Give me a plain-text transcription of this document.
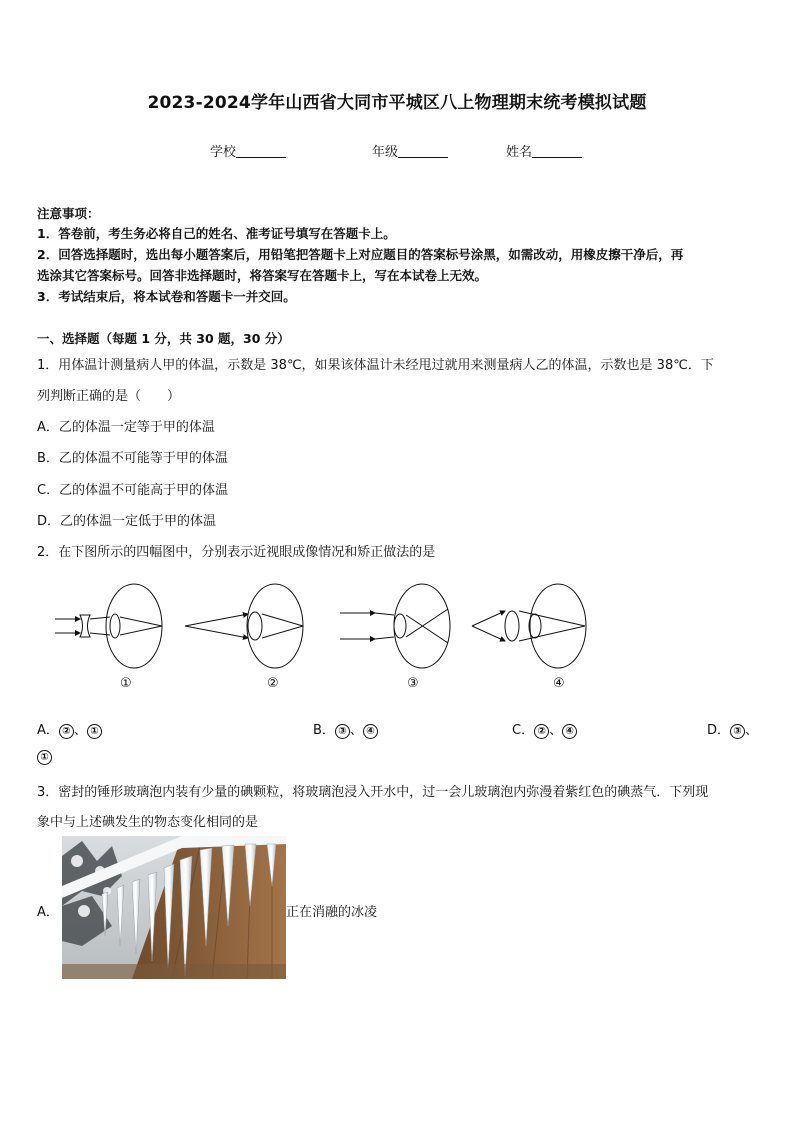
2023-2024学年山西省大同市平城区八上物理期末统考模拟试题
学校	年级	姓名
注意事项：
1．答卷前，考生务必将自己的姓名、准考证号填写在答题卡上。
2．回答选择题时，选出每小题答案后，用铅笔把答题卡上对应题目的答案标号涂黑，如需改动，用橡皮擦干净后，再
选涂其它答案标号。回答非选择题时，将答案写在答题卡上，写在本试卷上无效。
3．考试结束后，将本试卷和答题卡一并交回。
一、选择题（每题 1 分，共 30 题，30 分）
1．用体温计测量病人甲的体温，示数是 38℃，如果该体温计未经甩过就用来测量病人乙的体温，示数也是 38℃．下
列判断正确的是（　　）
A．乙的体温一定等于甲的体温
B．乙的体温不可能等于甲的体温
C．乙的体温不可能高于甲的体温
D．乙的体温一定低于甲的体温
2．在下图所示的四幅图中，分别表示近视眼成像情况和矫正做法的是
①	②	③	④
A． ② 、 ①	B． ③ 、 ④	C． ② 、 ④	D． ③ 、
①
3．密封的锤形玻璃泡内装有少量的碘颗粒，将玻璃泡浸入开水中，过一会儿玻璃泡内弥漫着紫红色的碘蒸气．下列现
象中与上述碘发生的物态变化相同的是
A．	正在消融的冰凌
